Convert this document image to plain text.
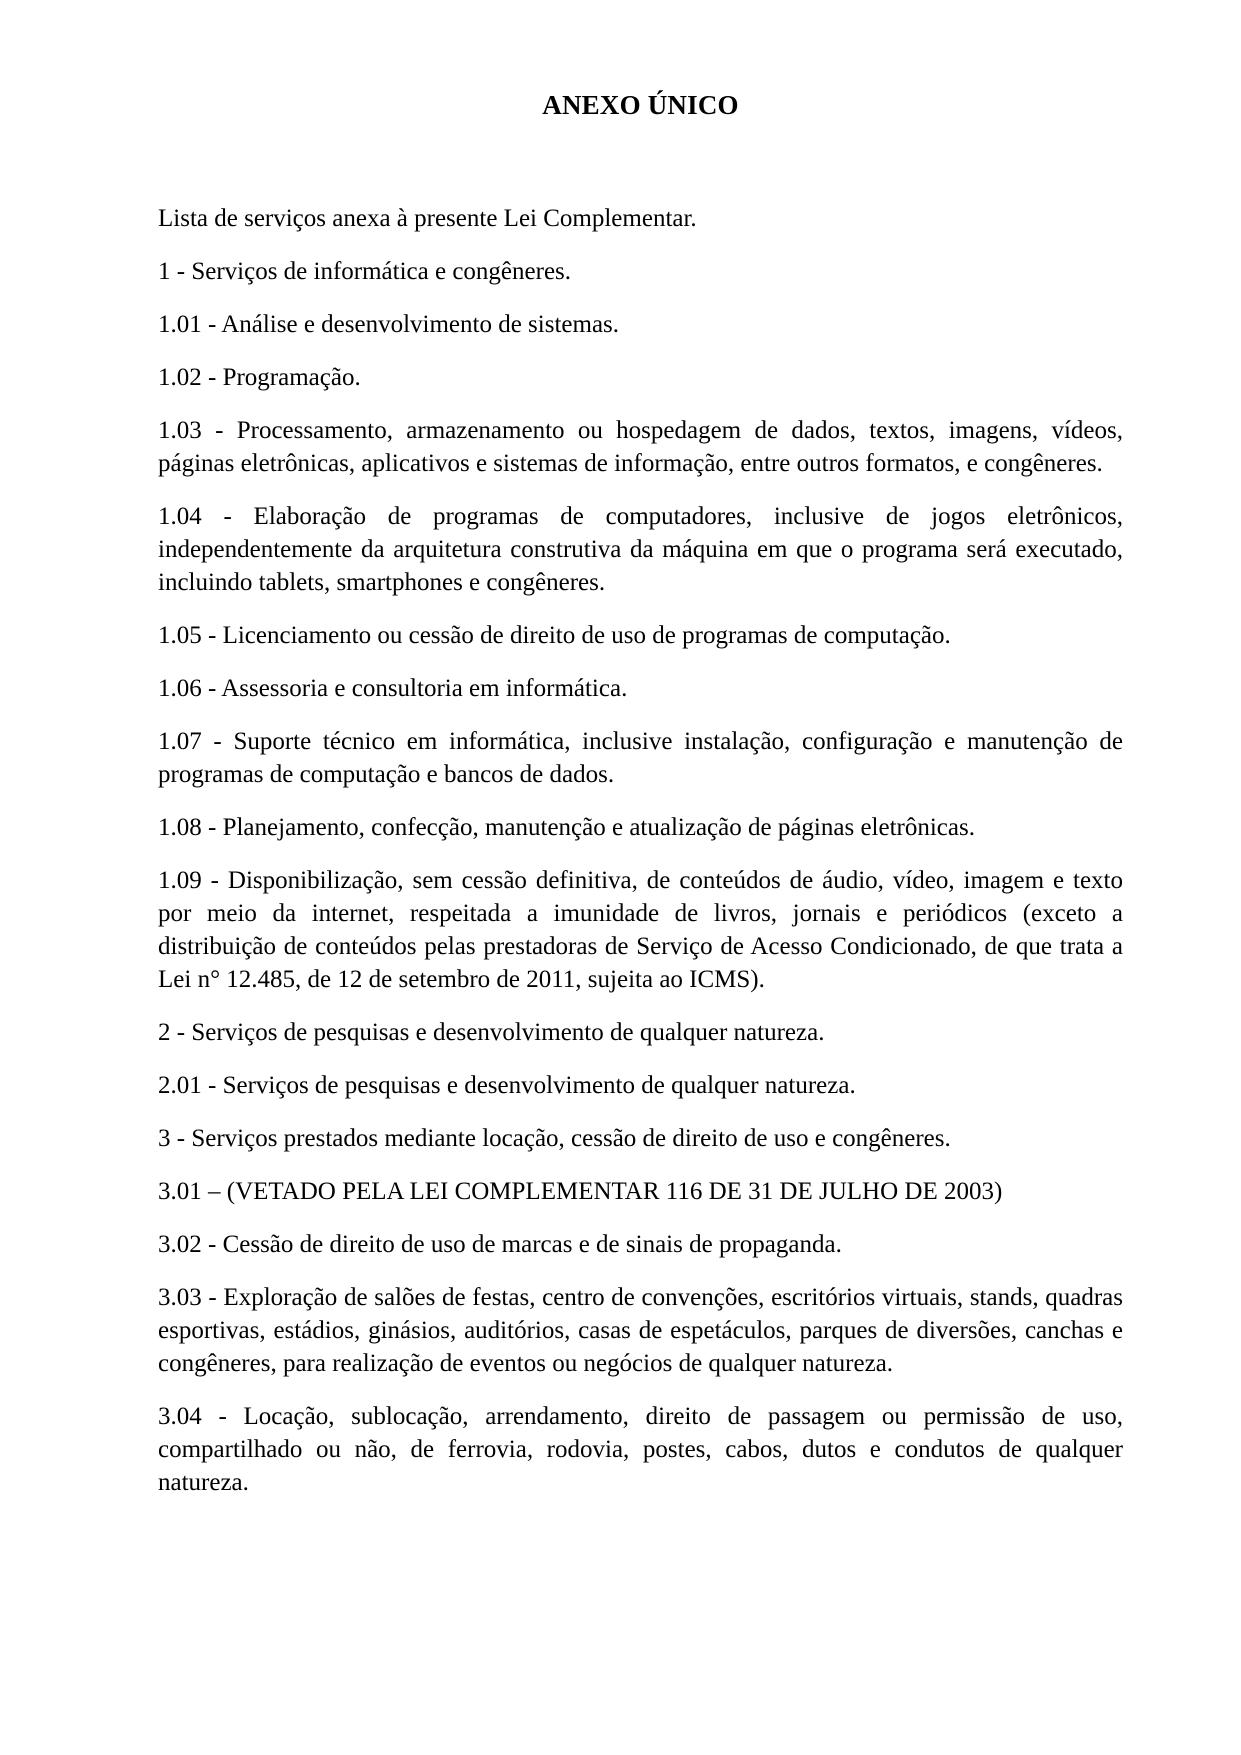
ANEXO ÚNICO

Lista de serviços anexa à presente Lei Complementar.

1 - Serviços de informática e congêneres.

1.01 - Análise e desenvolvimento de sistemas.

1.02 - Programação.

1.03 - Processamento, armazenamento ou hospedagem de dados, textos, imagens, vídeos, páginas eletrônicas, aplicativos e sistemas de informação, entre outros formatos, e congêneres.

1.04 - Elaboração de programas de computadores, inclusive de jogos eletrônicos, independentemente da arquitetura construtiva da máquina em que o programa será executado, incluindo tablets, smartphones e congêneres.

1.05 - Licenciamento ou cessão de direito de uso de programas de computação.

1.06 - Assessoria e consultoria em informática.

1.07 - Suporte técnico em informática, inclusive instalação, configuração e manutenção de programas de computação e bancos de dados.

1.08 - Planejamento, confecção, manutenção e atualização de páginas eletrônicas.

1.09 - Disponibilização, sem cessão definitiva, de conteúdos de áudio, vídeo, imagem e texto por meio da internet, respeitada a imunidade de livros, jornais e periódicos (exceto a distribuição de conteúdos pelas prestadoras de Serviço de Acesso Condicionado, de que trata a Lei n° 12.485, de 12 de setembro de 2011, sujeita ao ICMS).

2 - Serviços de pesquisas e desenvolvimento de qualquer natureza.

2.01 - Serviços de pesquisas e desenvolvimento de qualquer natureza.

3 - Serviços prestados mediante locação, cessão de direito de uso e congêneres.

3.01 – (VETADO PELA LEI COMPLEMENTAR 116 DE 31 DE JULHO DE 2003)

3.02 - Cessão de direito de uso de marcas e de sinais de propaganda.

3.03 - Exploração de salões de festas, centro de convenções, escritórios virtuais, stands, quadras esportivas, estádios, ginásios, auditórios, casas de espetáculos, parques de diversões, canchas e congêneres, para realização de eventos ou negócios de qualquer natureza.

3.04 - Locação, sublocação, arrendamento, direito de passagem ou permissão de uso, compartilhado ou não, de ferrovia, rodovia, postes, cabos, dutos e condutos de qualquer natureza.
